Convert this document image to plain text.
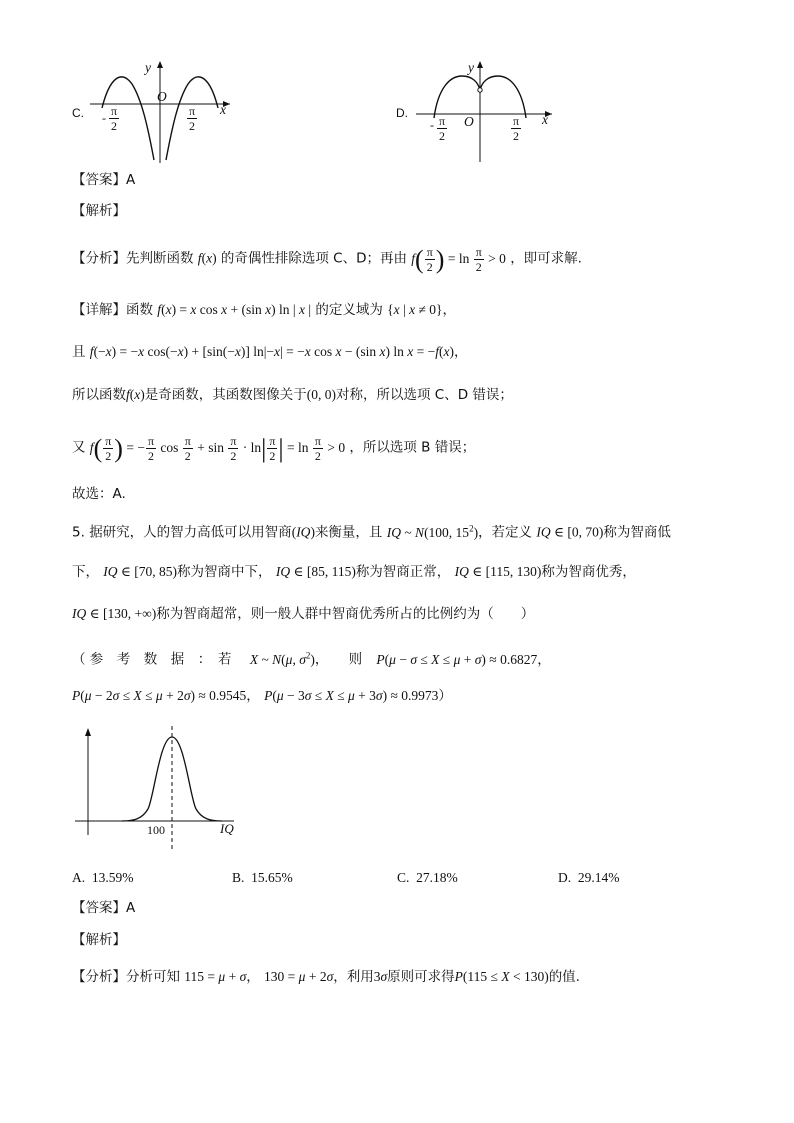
C.
y
O
x
- $\frac{\pi}{2}$	$\frac{\pi}{2}$	D.
y
O	x
- $\frac{\pi}{2}$	$\frac{\pi}{2}$
【答案】A
【解析】
【分析】先判断函数 f(x) 的奇偶性排除选项 C、D；再由 $f( \frac{\pi}{2}$ ) = $\ln \frac{\pi}{2} > 0$ ，即可求解.
【详解】函数 f(x) = x cos x + (sin x) ln | x | 的定义域为 {x | x ≠ 0}，
且 f(−x) = −x cos(−x) + [sin(−x)] ln|−x| = −x cos x − (sin x) ln x = −f(x)，
所以函数f(x)是奇函数，其函数图像关于(0, 0)对称，所以选项 C、D 错误；
又 $f( \frac{\pi}{2}$ ) = − $\frac{\pi}{2}$ $\cos \frac{\pi}{2} + \sin \frac{\pi}{2} \cdot \ln| \frac{\pi}{2}$ | = $\ln \frac{\pi}{2} > 0$ ，所以选项 B 错误；
故选：A.
5. 据研究，人的智力高低可以用智商(IQ)来衡量，且 IQ ~ N(100, $15^2$)，若定义 IQ ∈ [0, 70)称为智商低
下， IQ ∈ [70, 85)称为智商中下， IQ ∈ [85, 115)称为智商正常， IQ ∈ [115, 130)称为智商优秀，
IQ ∈ [130, +∞)称为智商超常，则一般人群中智商优秀所占的比例约为（　　）
（ 参　考　数　据　：　若 X ~ N(μ, $\sigma^2$)，　　则 P(μ − σ ≤ X ≤ μ + σ) ≈ 0.6827，
P(μ − 2σ ≤ X ≤ μ + 2σ) ≈ 0.9545， P(μ − 3σ ≤ X ≤ μ + 3σ) ≈ 0.9973）
100	IQ
A. 13.59%	B. 15.65%	C. 27.18%	D. 29.14%
【答案】A
【解析】
【分析】分析可知 115 = μ + σ， 130 = μ + 2σ，利用3σ原则可求得P(115 ≤ X < 130)的值.
